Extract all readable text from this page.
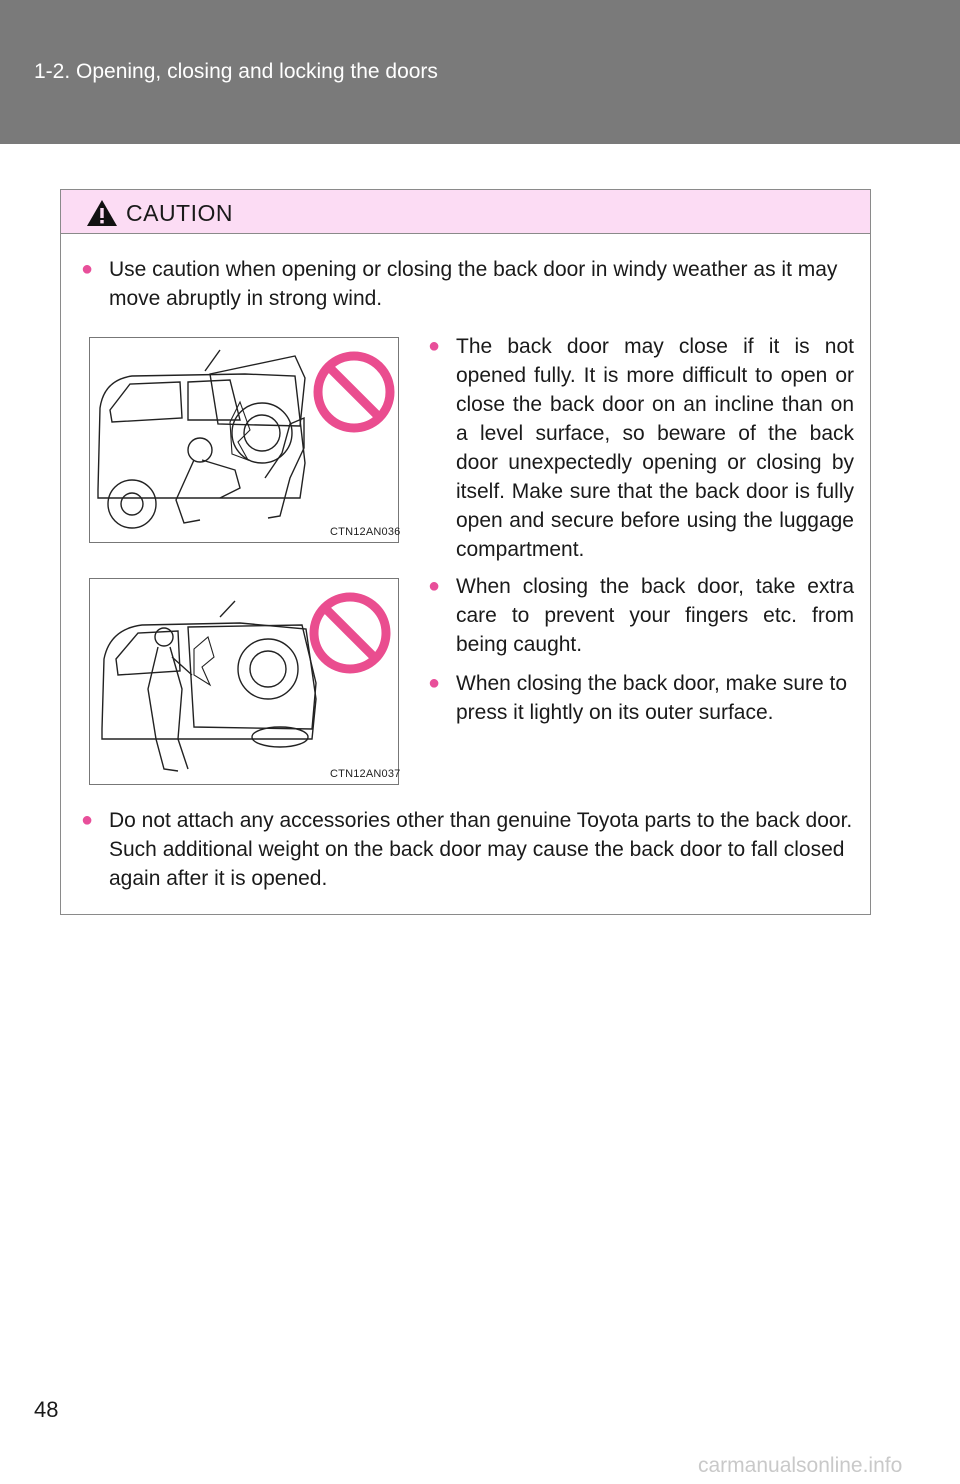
1-2. Opening, closing and locking the doors
CAUTION
● Use caution when opening or closing the back door in windy weather as it may move abruptly in strong wind.
CTN12AN036
● The back door may close if it is not opened fully. It is more difficult to open or close the back door on an incline than on a level surface, so beware of the back door unexpectedly opening or closing by itself. Make sure that the back door is fully open and secure before using the luggage compartment.
CTN12AN037
● When closing the back door, take extra care to prevent your fingers etc. from being caught.
● When closing the back door, make sure to press it lightly on its outer surface.
● Do not attach any accessories other than genuine Toyota parts to the back door. Such additional weight on the back door may cause the back door to fall closed again after it is opened.
48
carmanualsonline.info
